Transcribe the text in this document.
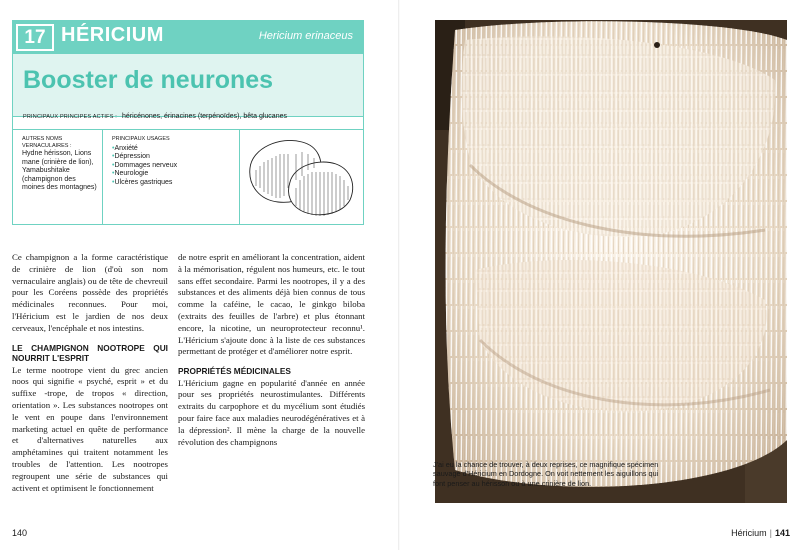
17 HÉRICIUM	Hericium erinaceus
Booster de neurones
PRINCIPAUX PRINCIPES ACTIFS : héricénones, érinacines (terpénoïdes), bêta glucanes
AUTRES NOMS VERNACULAIRES :
Hydne hérisson, Lions mane (crinière de lion), Yamabushitake (champignon des moines des montagnes)
PRINCIPAUX USAGES
• Anxiété
• Dépression
• Dommages nerveux
• Neurologie
• Ulcères gastriques

Ce champignon a la forme caractéristique de crinière de lion (d'où son nom vernaculaire anglais) ou de tête de chevreuil pour les Coréens possède des propriétés médicinales reconnues. Pour moi, l'Héricium est le jardien de nos deux cerveaux, l'encéphale et nos intestins.

LE CHAMPIGNON NOOTROPE QUI NOURRIT L'ESPRIT

Le terme nootrope vient du grec ancien noos qui signifie « psyché, esprit » et du suffixe -trope, de tropos « direction, orientation ». Les substances nootropes ont le vent en poupe dans l'environnement marketing actuel en quête de performance et d'alternatives naturelles aux amphétamines qui traitent notamment les troubles de l'attention. Les nootropes regroupent une série de substances qui activent et optimisent le fonctionnement

de notre esprit en améliorant la concentration, aident à la mémorisation, régulent nos humeurs, etc. le tout sans effet secondaire. Parmi les nootropes, il y a des substances et des aliments déjà bien connus de tous comme la caféine, le cacao, le ginkgo biloba (extraits des feuilles de l'arbre) et plus étonnant encore, la nicotine, un neuroprotecteur reconnu¹. L'Héricium s'ajoute donc à la liste de ces substances permettant de protéger et d'améliorer notre esprit.

PROPRIÉTÉS MÉDICINALES

L'Héricium gagne en popularité d'année en année pour ses propriétés neurostimulantes. Différents extraits du carpophore et du mycélium sont étudiés pour faire face aux maladies neurodégénératives et à la dépression². Il mène la charge de la nouvelle révolution des champignons

140	Héricium | 141
J'ai eu la chance de trouver, à deux reprises, ce magnifique spécimen sauvage d'Héricium en Dordogne. On voit nettement les aiguillons qui font penser au hérisson ou à une crinière de lion.
